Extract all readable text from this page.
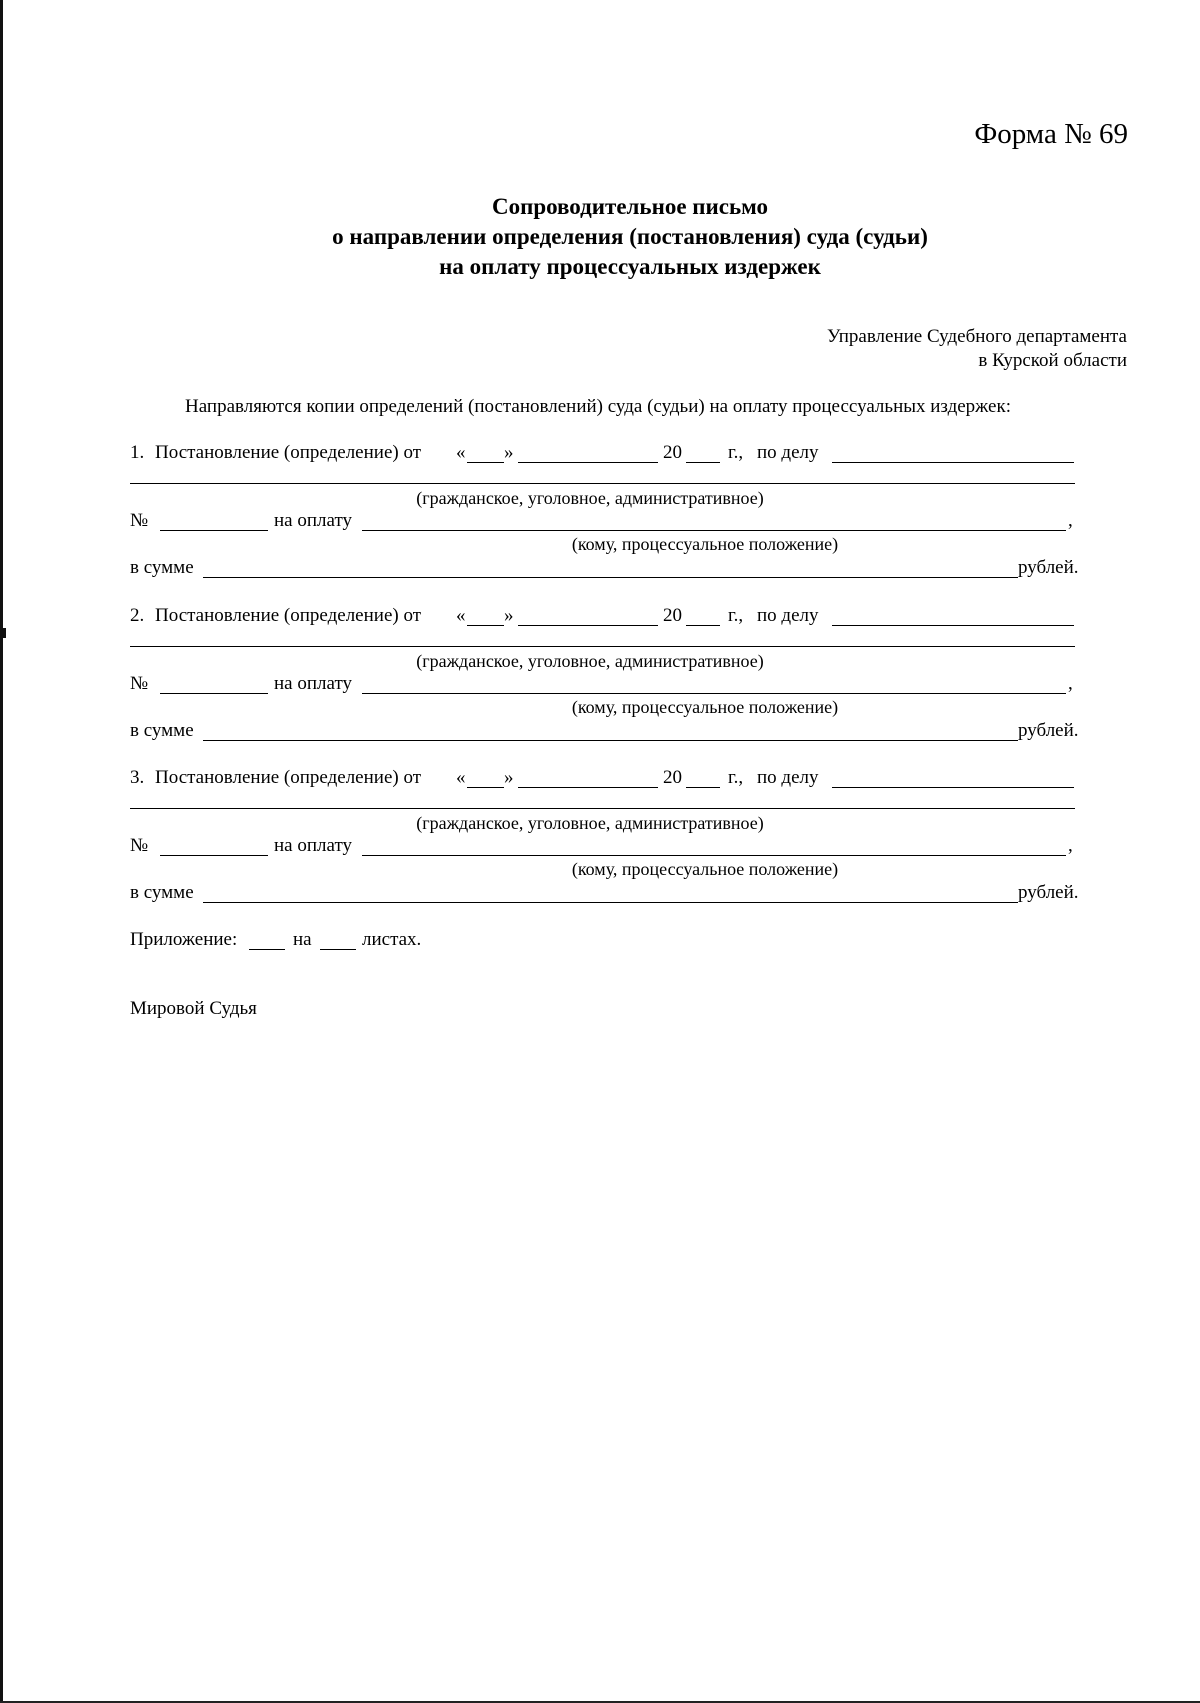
Форма № 69
Сопроводительное письмо
о направлении определения (постановления) суда (судьи)
на оплату процессуальных издержек
Управление Судебного департамента
в Курской области
Направляются копии определений (постановлений) суда (судьи) на оплату процессуальных издержек:
1. Постановление (определение) от « »	20 г., по делу
(гражданское, уголовное, административное)
№	на оплату	,
(кому, процессуальное положение)
в сумме	рублей.
2. Постановление (определение) от « »	20 г., по делу
(гражданское, уголовное, административное)
№	на оплату	,
(кому, процессуальное положение)
в сумме	рублей.
3. Постановление (определение) от « »	20 г., по делу
(гражданское, уголовное, административное)
№	на оплату	,
(кому, процессуальное положение)
в сумме	рублей.
Приложение:	на	листах.
Мировой Судья
